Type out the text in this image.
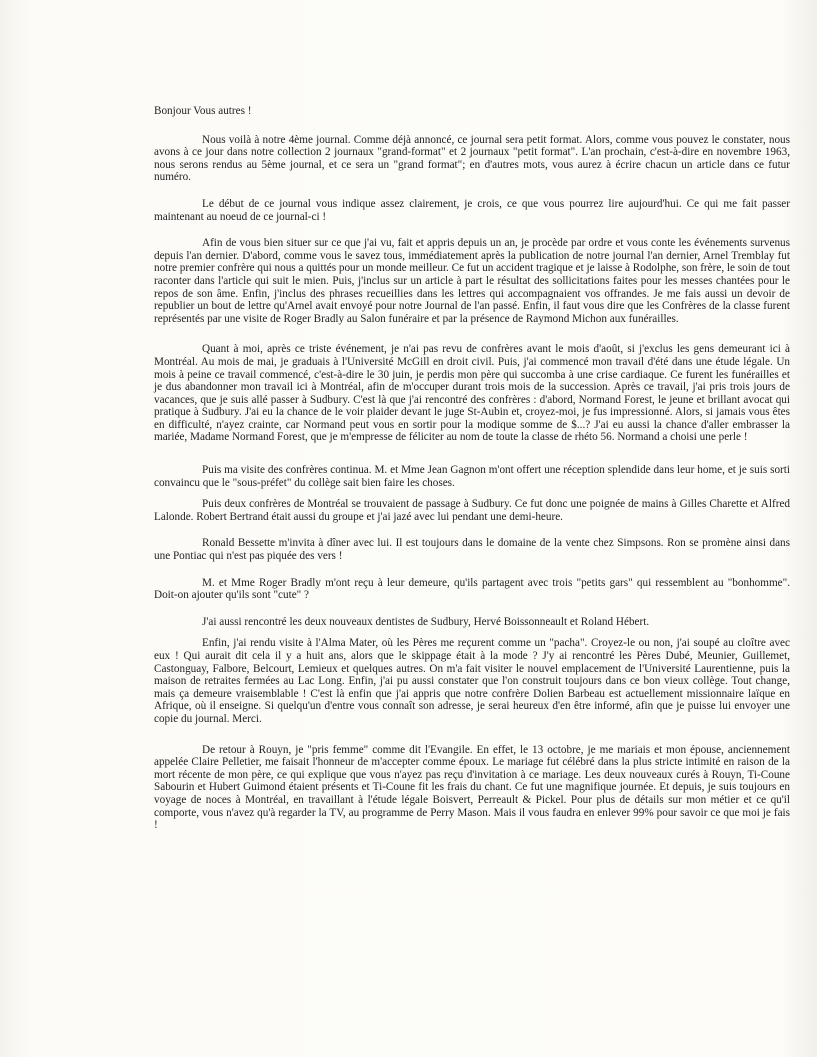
Bonjour Vous autres !

Nous voilà à notre 4ème journal. Comme déjà annoncé, ce journal sera petit format. Alors, comme vous pouvez le constater, nous avons à ce jour dans notre collection 2 journaux "grand-format" et 2 journaux "petit format". L'an prochain, c'est-à-dire en novembre 1963, nous serons rendus au 5ème journal, et ce sera un "grand format"; en d'autres mots, vous aurez à écrire chacun un article dans ce futur numéro.

Le début de ce journal vous indique assez clairement, je crois, ce que vous pourrez lire aujourd'hui. Ce qui me fait passer maintenant au noeud de ce journal-ci !

Afin de vous bien situer sur ce que j'ai vu, fait et appris depuis un an, je procède par ordre et vous conte les événements survenus depuis l'an dernier. D'abord, comme vous le savez tous, immédiatement après la publication de notre journal l'an dernier, Arnel Tremblay fut notre premier confrère qui nous a quittés pour un monde meilleur. Ce fut un accident tragique et je laisse à Rodolphe, son frère, le soin de tout raconter dans l'article qui suit le mien. Puis, j'inclus sur un article à part le résultat des sollicitations faites pour les messes chantées pour le repos de son âme. Enfin, j'inclus des phrases recueillies dans les lettres qui accompagnaient vos offrandes. Je me fais aussi un devoir de republier un bout de lettre qu'Arnel avait envoyé pour notre Journal de l'an passé. Enfin, il faut vous dire que les Confrères de la classe furent représentés par une visite de Roger Bradly au Salon funéraire et par la présence de Raymond Michon aux funérailles.

Quant à moi, après ce triste événement, je n'ai pas revu de confrères avant le mois d'août, si j'exclus les gens demeurant ici à Montréal. Au mois de mai, je graduais à l'Université McGill en droit civil. Puis, j'ai commencé mon travail d'été dans une étude légale. Un mois à peine ce travail commencé, c'est-à-dire le 30 juin, je perdis mon père qui succomba à une crise cardiaque. Ce furent les funérailles et je dus abandonner mon travail ici à Montréal, afin de m'occuper durant trois mois de la succession. Après ce travail, j'ai pris trois jours de vacances, que je suis allé passer à Sudbury. C'est là que j'ai rencontré des confrères : d'abord, Normand Forest, le jeune et brillant avocat qui pratique à Sudbury. J'ai eu la chance de le voir plaider devant le juge St-Aubin et, croyez-moi, je fus impressionné. Alors, si jamais vous êtes en difficulté, n'ayez crainte, car Normand peut vous en sortir pour la modique somme de $...? J'ai eu aussi la chance d'aller embrasser la mariée, Madame Normand Forest, que je m'empresse de féliciter au nom de toute la classe de rhéto 56. Normand a choisi une perle !

Puis ma visite des confrères continua. M. et Mme Jean Gagnon m'ont offert une réception splendide dans leur home, et je suis sorti convaincu que le "sous-préfet" du collège sait bien faire les choses.

Puis deux confrères de Montréal se trouvaient de passage à Sudbury. Ce fut donc une poignée de mains à Gilles Charette et Alfred Lalonde. Robert Bertrand était aussi du groupe et j'ai jazé avec lui pendant une demi-heure.

Ronald Bessette m'invita à dîner avec lui. Il est toujours dans le domaine de la vente chez Simpsons. Ron se promène ainsi dans une Pontiac qui n'est pas piquée des vers !

M. et Mme Roger Bradly m'ont reçu à leur demeure, qu'ils partagent avec trois "petits gars" qui ressemblent au "bonhomme". Doit-on ajouter qu'ils sont "cute" ?

J'ai aussi rencontré les deux nouveaux dentistes de Sudbury, Hervé Boissonneault et Roland Hébert.

Enfin, j'ai rendu visite à l'Alma Mater, où les Pères me reçurent comme un "pacha". Croyez-le ou non, j'ai soupé au cloître avec eux ! Qui aurait dit cela il y a huit ans, alors que le skippage était à la mode ? J'y ai rencontré les Pères Dubé, Meunier, Guillemet, Castonguay, Falbore, Belcourt, Lemieux et quelques autres. On m'a fait visiter le nouvel emplacement de l'Université Laurentienne, puis la maison de retraites fermées au Lac Long. Enfin, j'ai pu aussi constater que l'on construit toujours dans ce bon vieux collège. Tout change, mais ça demeure vraisemblable ! C'est là enfin que j'ai appris que notre confrère Dolien Barbeau est actuellement missionnaire laïque en Afrique, où il enseigne. Si quelqu'un d'entre vous connaît son adresse, je serai heureux d'en être informé, afin que je puisse lui envoyer une copie du journal. Merci.

De retour à Rouyn, je "pris femme" comme dit l'Evangile. En effet, le 13 octobre, je me mariais et mon épouse, anciennement appelée Claire Pelletier, me faisait l'honneur de m'accepter comme époux. Le mariage fut célébré dans la plus stricte intimité en raison de la mort récente de mon père, ce qui explique que vous n'ayez pas reçu d'invitation à ce mariage. Les deux nouveaux curés à Rouyn, Ti-Coune Sabourin et Hubert Guimond étaient présents et Ti-Coune fit les frais du chant. Ce fut une magnifique journée. Et depuis, je suis toujours en voyage de noces à Montréal, en travaillant à l'étude légale Boisvert, Perreault & Pickel. Pour plus de détails sur mon métier et ce qu'il comporte, vous n'avez qu'à regarder la TV, au programme de Perry Mason. Mais il vous faudra en enlever 99% pour savoir ce que moi je fais !
